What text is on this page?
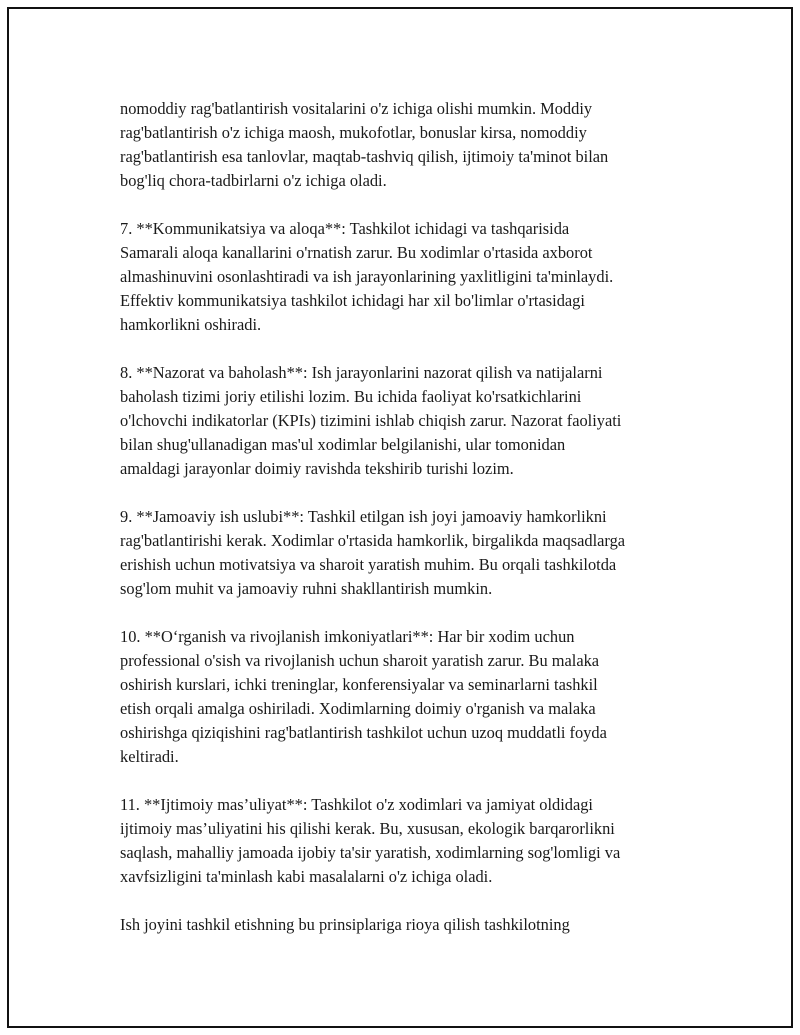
nomoddiy rag'batlantirish vositalarini o'z ichiga olishi mumkin. Moddiy
rag'batlantirish o'z ichiga maosh, mukofotlar, bonuslar kirsa, nomoddiy
rag'batlantirish esa tanlovlar, maqtab-tashviq qilish, ijtimoiy ta'minot bilan
bog'liq chora-tadbirlarni o'z ichiga oladi.

7. **Kommunikatsiya va aloqa**: Tashkilot ichidagi va tashqarisida
Samarali aloqa kanallarini o'rnatish zarur. Bu xodimlar o'rtasida axborot
almashinuvini osonlashtiradi va ish jarayonlarining yaxlitligini ta'minlaydi.
Effektiv kommunikatsiya tashkilot ichidagi har xil bo'limlar o'rtasidagi
hamkorlikni oshiradi.

8. **Nazorat va baholash**: Ish jarayonlarini nazorat qilish va natijalarni
baholash tizimi joriy etilishi lozim. Bu ichida faoliyat ko'rsatkichlarini
o'lchovchi indikatorlar (KPIs) tizimini ishlab chiqish zarur. Nazorat faoliyati
bilan shug'ullanadigan mas'ul xodimlar belgilanishi, ular tomonidan
amaldagi jarayonlar doimiy ravishda tekshirib turishi lozim.

9. **Jamoaviy ish uslubi**: Tashkil etilgan ish joyi jamoaviy hamkorlikni
rag'batlantirishi kerak. Xodimlar o'rtasida hamkorlik, birgalikda maqsadlarga
erishish uchun motivatsiya va sharoit yaratish muhim. Bu orqali tashkilotda
sog'lom muhit va jamoaviy ruhni shakllantirish mumkin.

10. **O‘rganish va rivojlanish imkoniyatlari**: Har bir xodim uchun
professional o'sish va rivojlanish uchun sharoit yaratish zarur. Bu malaka
oshirish kurslari, ichki treninglar, konferensiyalar va seminarlarni tashkil
etish orqali amalga oshiriladi. Xodimlarning doimiy o'rganish va malaka
oshirishga qiziqishini rag'batlantirish tashkilot uchun uzoq muddatli foyda
keltiradi.

11. **Ijtimoiy mas’uliyat**: Tashkilot o'z xodimlari va jamiyat oldidagi
ijtimoiy mas’uliyatini his qilishi kerak. Bu, xususan, ekologik barqarorlikni
saqlash, mahalliy jamoada ijobiy ta'sir yaratish, xodimlarning sog'lomligi va
xavfsizligini ta'minlash kabi masalalarni o'z ichiga oladi.

Ish joyini tashkil etishning bu prinsiplariga rioya qilish tashkilotning
